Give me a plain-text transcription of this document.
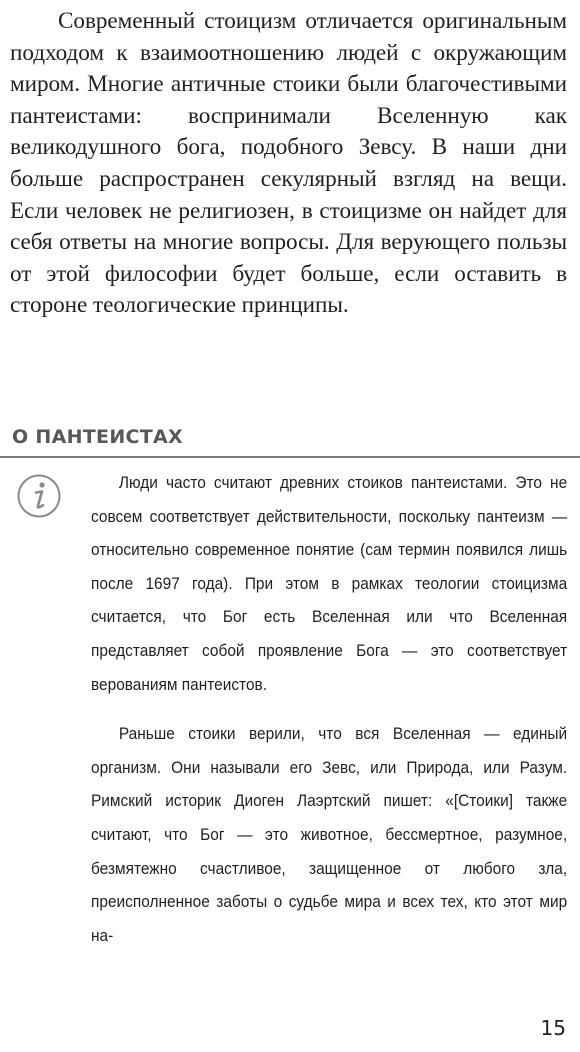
Современный стоицизм отличается оригинальным подходом к взаимоотношению людей с окружающим миром. Многие античные стоики были благочестивыми пантеистами: воспринимали Вселенную как великодушного бога, подобного Зевсу. В наши дни больше распространен секулярный взгляд на вещи. Если человек не религиозен, в стоицизме он найдет для себя ответы на многие вопросы. Для верующего пользы от этой философии будет больше, если оставить в стороне теологические принципы.

О ПАНТЕИСТАХ

Люди часто считают древних стоиков пантеистами. Это не совсем соответствует действительности, поскольку пантеизм — относительно современное понятие (сам термин появился лишь после 1697 года). При этом в рамках теологии стоицизма считается, что Бог есть Вселенная или что Вселенная представляет собой проявление Бога — это соответствует верованиям пантеистов.

Раньше стоики верили, что вся Вселенная — единый организм. Они называли его Зевс, или Природа, или Разум. Римский историк Диоген Лаэртский пишет: «[Стоики] также считают, что Бог — это животное, бессмертное, разумное, безмятежно счастливое, защищенное от любого зла, преисполненное заботы о судьбе мира и всех тех, кто этот мир на-

15
